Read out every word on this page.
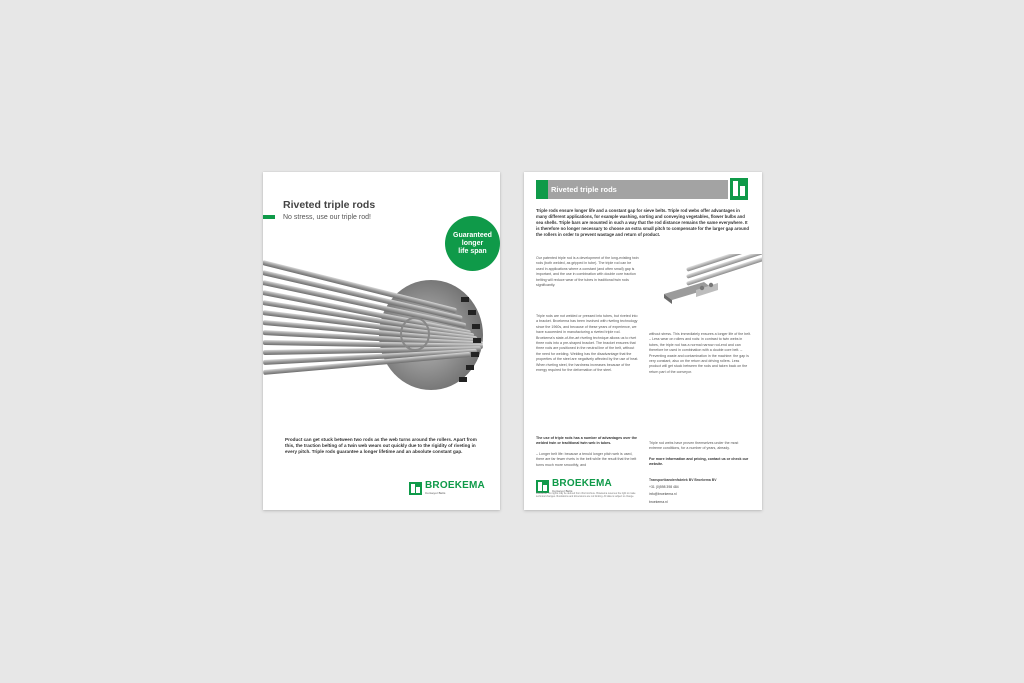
Riveted triple rods
No stress, use our triple rod!
Guaranteed
longer
life span
Product can get stuck between two rods as the web turns around the rollers. Apart from this, the traction belting of a twin web wears out quickly due to the rigidity of riveting in every pitch. Triple rods guarantee a longer lifetime and an absolute constant gap.
BROEKEMA
Conveyor Belts
Riveted triple rods
Triple rods ensure longer life and a constant gap for sieve belts. Triple rod webs offer advantages in many different applications, for example washing, sorting and conveying vegetables, flower bulbs and sea shells. Triple bars are mounted in such a way that the rod distance remains the same everywhere. It is therefore no longer necessary to choose an extra small pitch to compensate for the larger gap around the rollers in order to prevent wastage and return of product.

Our patented triple rod is a development of the long-existing twin rods (both welded, as gripped in tube). The triple rod can be used in applications where a constant (and often small) gap is important, and the use in combination with double core traction belting will reduce wear of the tubes in traditional twin rods significantly.

Triple rods are not welded or pressed into tubes, but riveted into a bracket. Broekema has been involved with riveting technology since the 1960s, and because of these years of experience, we have succeeded in manufacturing a riveted triple rod. Broekema's state-of-the-art riveting technique allows us to rivet three rods into a pre-shaped bracket. The bracket ensures that three rods are positioned in the neutral line of the belt, without the need for welding. Welding has the disadvantage that the properties of the steel are negatively affected by the use of heat. When riveting steel, the hardness increases because of the energy required for the deformation of the steel.

The use of triple rods has a number of advantages over the welded twin or traditional twin web in tubes.

– Longer belt life: because a tenuld longer pitch web is used, there are far fewer rivets in the belt while the result that the belt turns much more smoothly, and

without stress. This immediately ensures a longer life of the belt. – Less wear on rollers and rods: in contrast to twin webs in tubes, the triple rod has a normal narrow rod-end and can therefore be used in combination with a double core belt. – Preventing waste and contamination in the machine: the gap is very constant, also on the return and driving rollers. Less product will get stuck between the rods and taken back on the return part of the conveyor.

Triple rod webs have proven themselves under the most extreme conditions, for a number of years, already.

For more information and pricing, contact us or check our website.

BROEKEMA
Conveyor Belts
Disclaimer: No rights may be derived from this brochure. Broekema reserves the right to make technical changes. Illustrations and dimensions are not binding. All data is subject to change.
Transportbandenfabriek BV Broekema BV
+31 (0)598 398 484
info@broekema.nl
broekema.nl
